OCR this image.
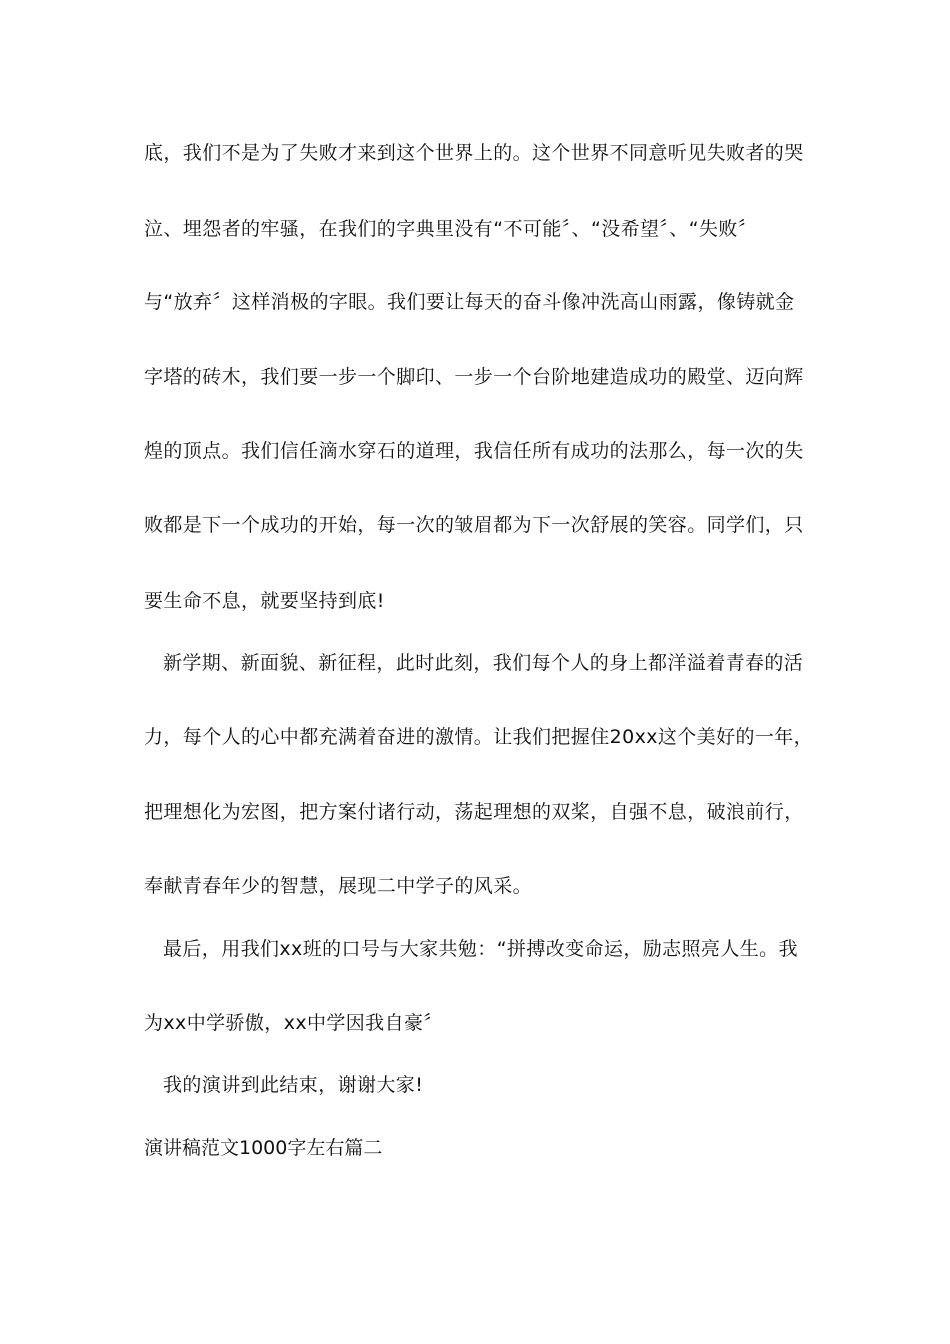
底，我们不是为了失败才来到这个世界上的。这个世界不同意听见失败者的哭
泣、埋怨者的牢骚，在我们的字典里没有“不可能〞、“没希望〞、“失败〞
与“放弃〞这样消极的字眼。我们要让每天的奋斗像冲洗高山雨露，像铸就金
字塔的砖木，我们要一步一个脚印、一步一个台阶地建造成功的殿堂、迈向辉
煌的顶点。我们信任滴水穿石的道理，我信任所有成功的法那么，每一次的失
败都是下一个成功的开始，每一次的皱眉都为下一次舒展的笑容。同学们，只
要生命不息，就要坚持到底!
新学期、新面貌、新征程，此时此刻，我们每个人的身上都洋溢着青春的活
力，每个人的心中都充满着奋进的激情。让我们把握住20xx这个美好的一年，
把理想化为宏图，把方案付诸行动，荡起理想的双桨，自强不息，破浪前行，
奉献青春年少的智慧，展现二中学子的风采。
最后，用我们xx班的口号与大家共勉：“拼搏改变命运，励志照亮人生。我
为xx中学骄傲，xx中学因我自豪〞
我的演讲到此结束，谢谢大家!
演讲稿范文1000字左右篇二
